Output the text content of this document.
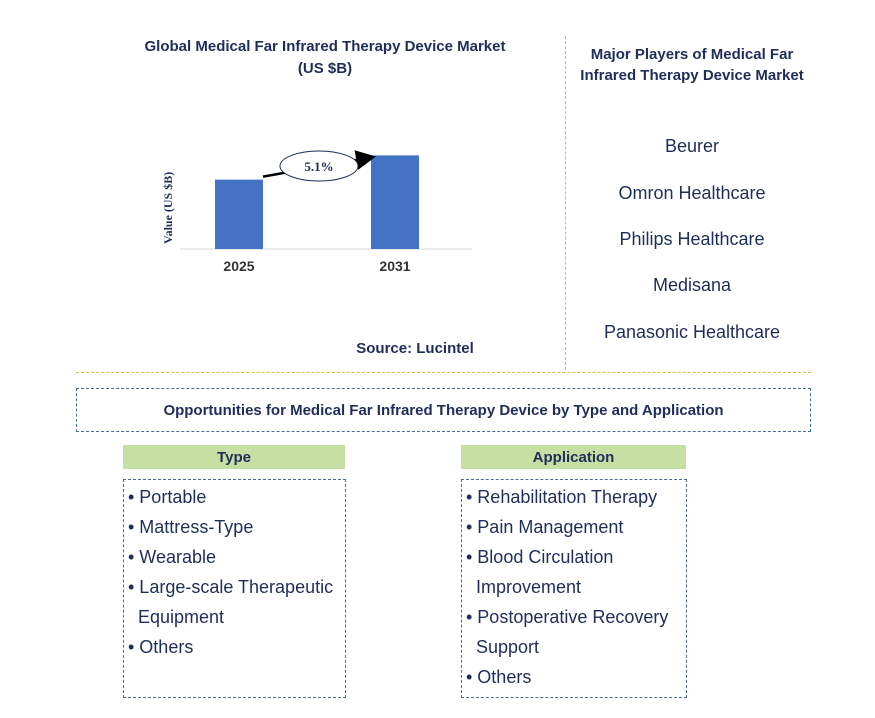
Global Medical Far Infrared Therapy Device Market (US $B)
Value (US $B)
2025	2031
5.1%
Source: Lucintel
Major Players of Medical Far Infrared Therapy Device Market
Beurer
Omron Healthcare
Philips Healthcare
Medisana
Panasonic Healthcare
Opportunities for Medical Far Infrared Therapy Device by Type and Application
Type
• Portable
• Mattress-Type
• Wearable
• Large-scale Therapeutic
Equipment
• Others
Application
• Rehabilitation Therapy
• Pain Management
• Blood Circulation
Improvement
• Postoperative Recovery
Support
• Others
